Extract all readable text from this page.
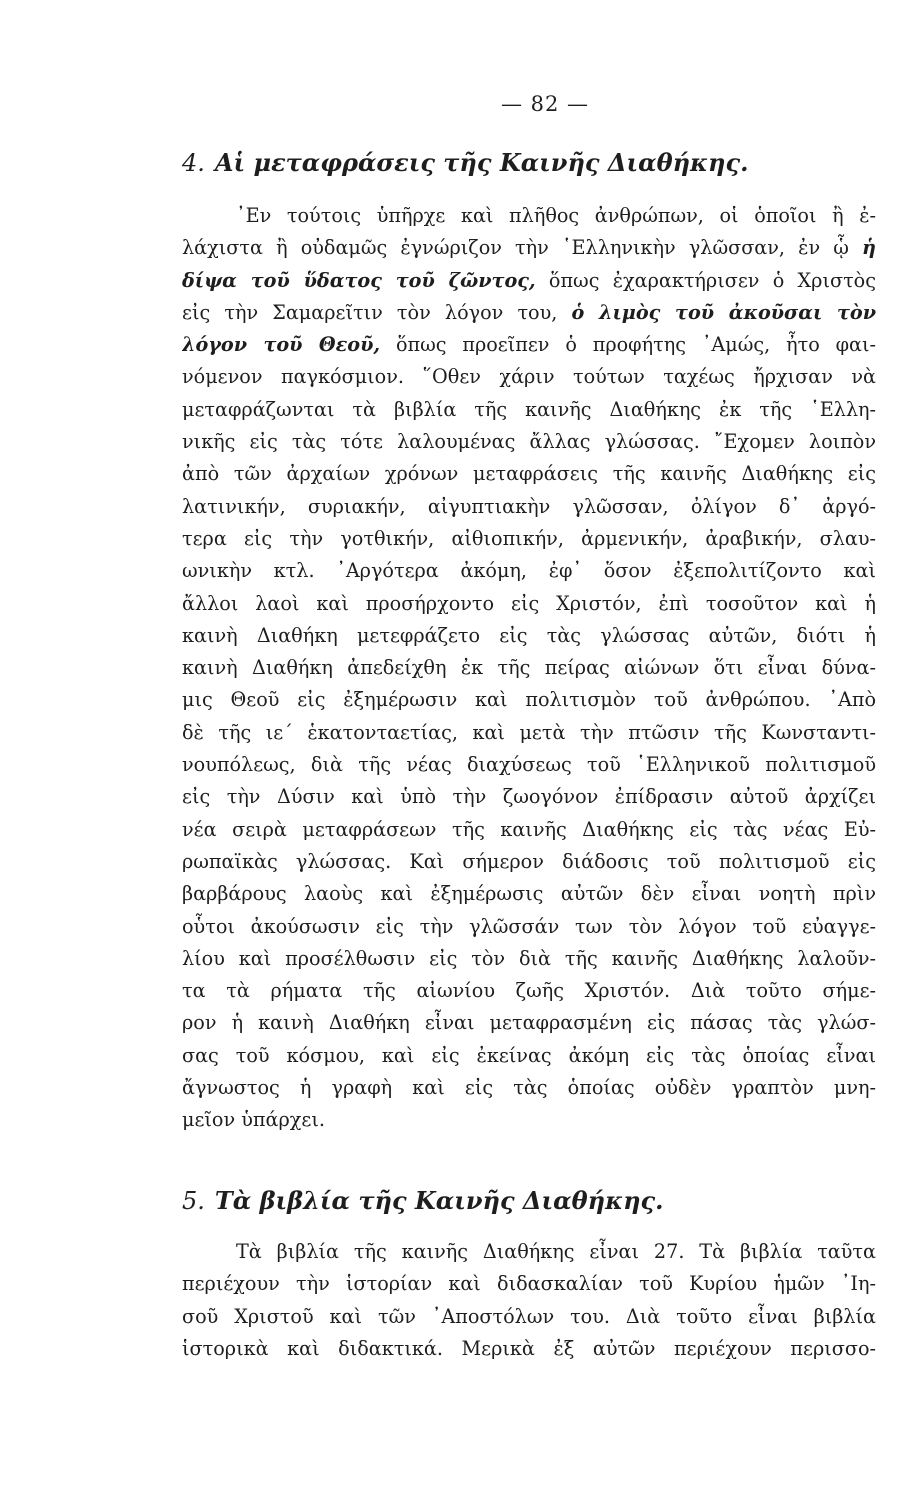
— 82 —
4. Αἱ μεταφράσεις τῆς Καινῆς Διαθήκης.
᾿Εν τούτοις ὑπῆρχε καὶ πλῆθος ἀνθρώπων, οἱ ὁποῖοι ἢ ἐ-
λάχιστα ἢ οὐδαμῶς ἐγνώριζον τὴν ῾Ελληνικὴν γλῶσσαν, ἐν ᾧ ἡ
δίψα τοῦ ὕδατος τοῦ ζῶντος, ὅπως ἐχαρακτήρισεν ὁ Χριστὸς
εἰς τὴν Σαμαρεῖτιν τὸν λόγον του, ὁ λιμὸς τοῦ ἀκοῦσαι τὸν
λόγον τοῦ Θεοῦ, ὅπως προεῖπεν ὁ προφήτης ᾿Αμώς, ἦτο φαι-
νόμενον παγκόσμιον. ῞Οθεν χάριν τούτων ταχέως ἤρχισαν νὰ
μεταφράζωνται τὰ βιβλία τῆς καινῆς Διαθήκης ἐκ τῆς ῾Ελλη-
νικῆς εἰς τὰς τότε λαλουμένας ἄλλας γλώσσας. ῎Εχομεν λοιπὸν
ἀπὸ τῶν ἀρχαίων χρόνων μεταφράσεις τῆς καινῆς Διαθήκης εἰς
λατινικήν, συριακήν, αἰγυπτιακὴν γλῶσσαν, ὀλίγον δ᾿ ἀργό-
τερα εἰς τὴν γοτθικήν, αἰθιοπικήν, ἀρμενικήν, ἀραβικήν, σλαυ-
ωνικὴν κτλ. ᾿Αργότερα ἀκόμη, ἐφ᾿ ὅσον ἐξεπολιτίζοντο καὶ
ἄλλοι λαοὶ καὶ προσήρχοντο εἰς Χριστόν, ἐπὶ τοσοῦτον καὶ ἡ
καινὴ Διαθήκη μετεφράζετο εἰς τὰς γλώσσας αὐτῶν, διότι ἡ
καινὴ Διαθήκη ἀπεδείχθη ἐκ τῆς πείρας αἰώνων ὅτι εἶναι δύνα-
μις Θεοῦ εἰς ἐξημέρωσιν καὶ πολιτισμὸν τοῦ ἀνθρώπου. ᾿Απὸ
δὲ τῆς ιε΄ ἑκατονταετίας, καὶ μετὰ τὴν πτῶσιν τῆς Κωνσταντι-
νουπόλεως, διὰ τῆς νέας διαχύσεως τοῦ ῾Ελληνικοῦ πολιτισμοῦ
εἰς τὴν Δύσιν καὶ ὑπὸ τὴν ζωογόνον ἐπίδρασιν αὐτοῦ ἀρχίζει
νέα σειρὰ μεταφράσεων τῆς καινῆς Διαθήκης εἰς τὰς νέας Εὐ-
ρωπαϊκὰς γλώσσας. Καὶ σήμερον διάδοσις τοῦ πολιτισμοῦ εἰς
βαρβάρους λαοὺς καὶ ἐξημέρωσις αὐτῶν δὲν εἶναι νοητὴ πρὶν
οὗτοι ἀκούσωσιν εἰς τὴν γλῶσσάν των τὸν λόγον τοῦ εὐαγγε-
λίου καὶ προσέλθωσιν εἰς τὸν διὰ τῆς καινῆς Διαθήκης λαλοῦν-
τα τὰ ρήματα τῆς αἰωνίου ζωῆς Χριστόν. Διὰ τοῦτο σήμε-
ρον ἡ καινὴ Διαθήκη εἶναι μεταφρασμένη εἰς πάσας τὰς γλώσ-
σας τοῦ κόσμου, καὶ εἰς ἐκείνας ἀκόμη εἰς τὰς ὁποίας εἶναι
ἄγνωστος ἡ γραφὴ καὶ εἰς τὰς ὁποίας οὐδὲν γραπτὸν μνη-
μεῖον ὑπάρχει.
5. Τὰ βιβλία τῆς Καινῆς Διαθήκης.
Τὰ βιβλία τῆς καινῆς Διαθήκης εἶναι 27. Τὰ βιβλία ταῦτα
περιέχουν τὴν ἱστορίαν καὶ διδασκαλίαν τοῦ Κυρίου ἡμῶν ᾿Ιη-
σοῦ Χριστοῦ καὶ τῶν ᾿Αποστόλων του. Διὰ τοῦτο εἶναι βιβλία
ἱστορικὰ καὶ διδακτικά. Μερικὰ ἐξ αὐτῶν περιέχουν περισσο-
